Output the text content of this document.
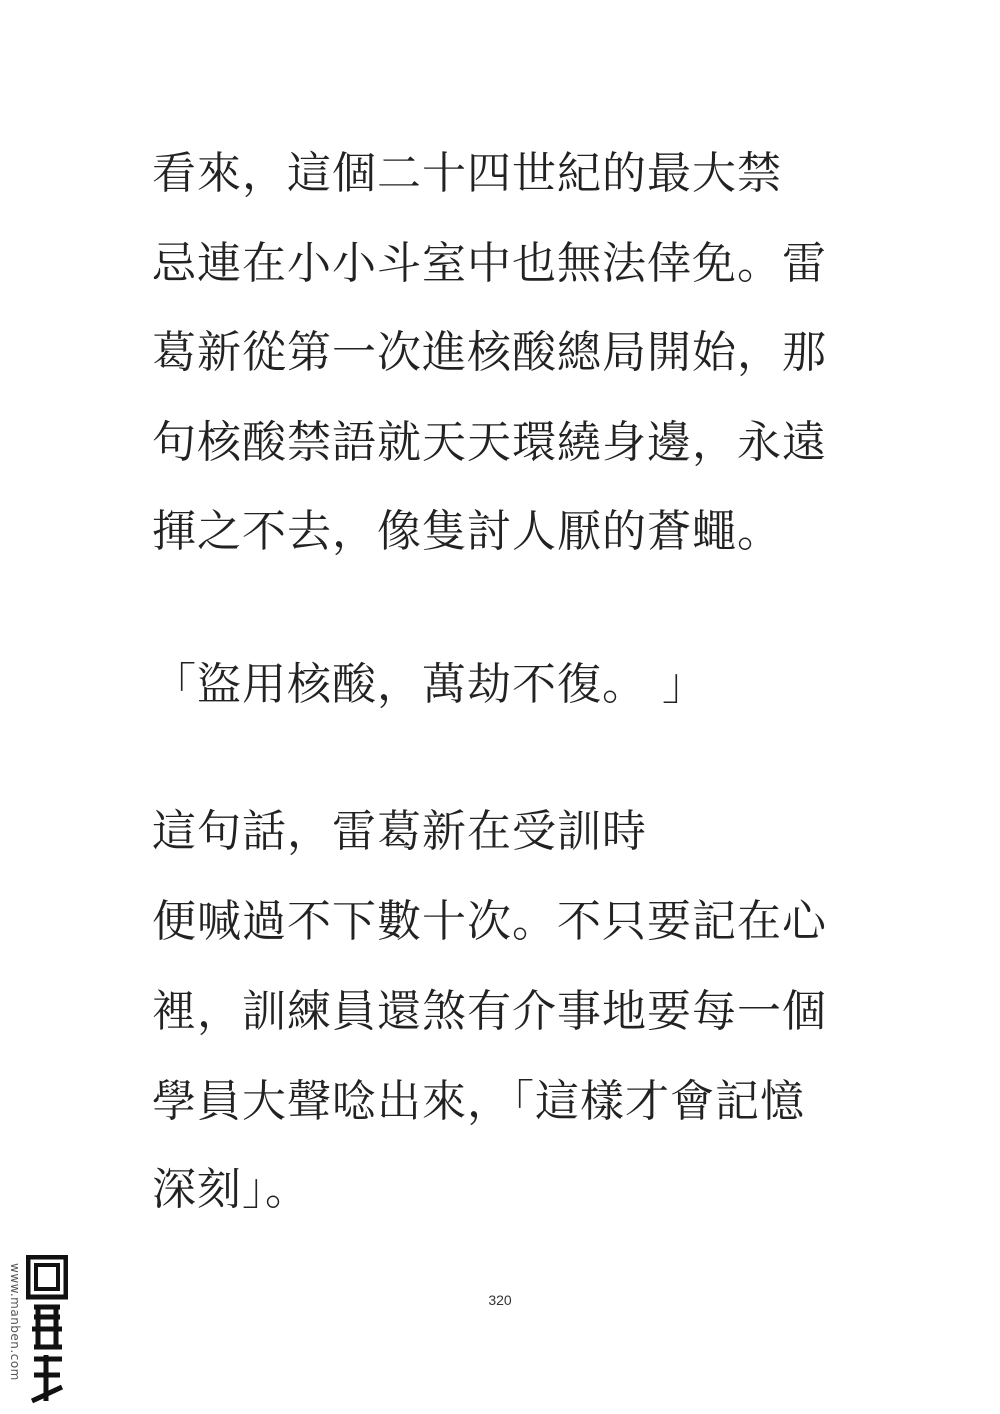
看來，這個二十四世紀的最大禁
忌連在小小斗室中也無法倖免。雷
葛新從第一次進核酸總局開始，那
句核酸禁語就天天環繞身邊，永遠
揮之不去，像隻討人厭的蒼蠅。
「盜用核酸，萬劫不復。 」
這句話，雷葛新在受訓時
便喊過不下數十次。不只要記在心
裡，訓練員還煞有介事地要每一個
學員大聲唸出來，「這樣才會記憶
深刻」。
320
www.manben.com
